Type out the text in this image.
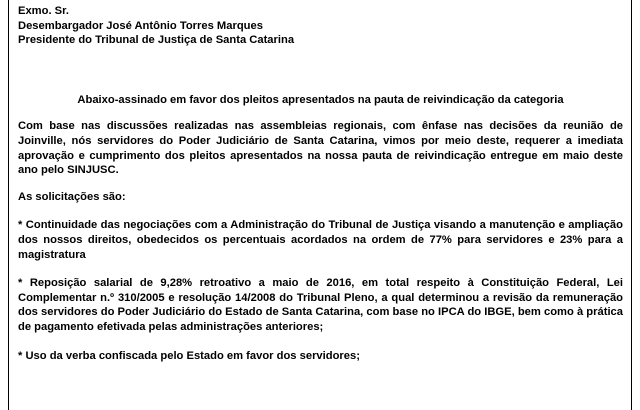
Exmo. Sr.
Desembargador José Antônio Torres Marques
Presidente do Tribunal de Justiça de Santa Catarina
Abaixo-assinado em favor dos pleitos apresentados na pauta de reivindicação da categoria

Com base nas discussões realizadas nas assembleias regionais, com ênfase nas decisões da reunião de Joinville, nós servidores do Poder Judiciário de Santa Catarina, vimos por meio deste, requerer a imediata aprovação e cumprimento dos pleitos apresentados na nossa pauta de reivindicação entregue em maio deste ano pelo SINJUSC.

As solicitações são:

* Continuidade das negociações com a Administração do Tribunal de Justiça visando a manutenção e ampliação dos nossos direitos, obedecidos os percentuais acordados na ordem de 77% para servidores e 23% para a magistratura

* Reposição salarial de 9,28% retroativo a maio de 2016, em total respeito à Constituição Federal, Lei Complementar n.º 310/2005 e resolução 14/2008 do Tribunal Pleno, a qual determinou a revisão da remuneração dos servidores do Poder Judiciário do Estado de Santa Catarina, com base no IPCA do IBGE, bem como à prática de pagamento efetivada pelas administrações anteriores;

* Uso da verba confiscada pelo Estado em favor dos servidores;
